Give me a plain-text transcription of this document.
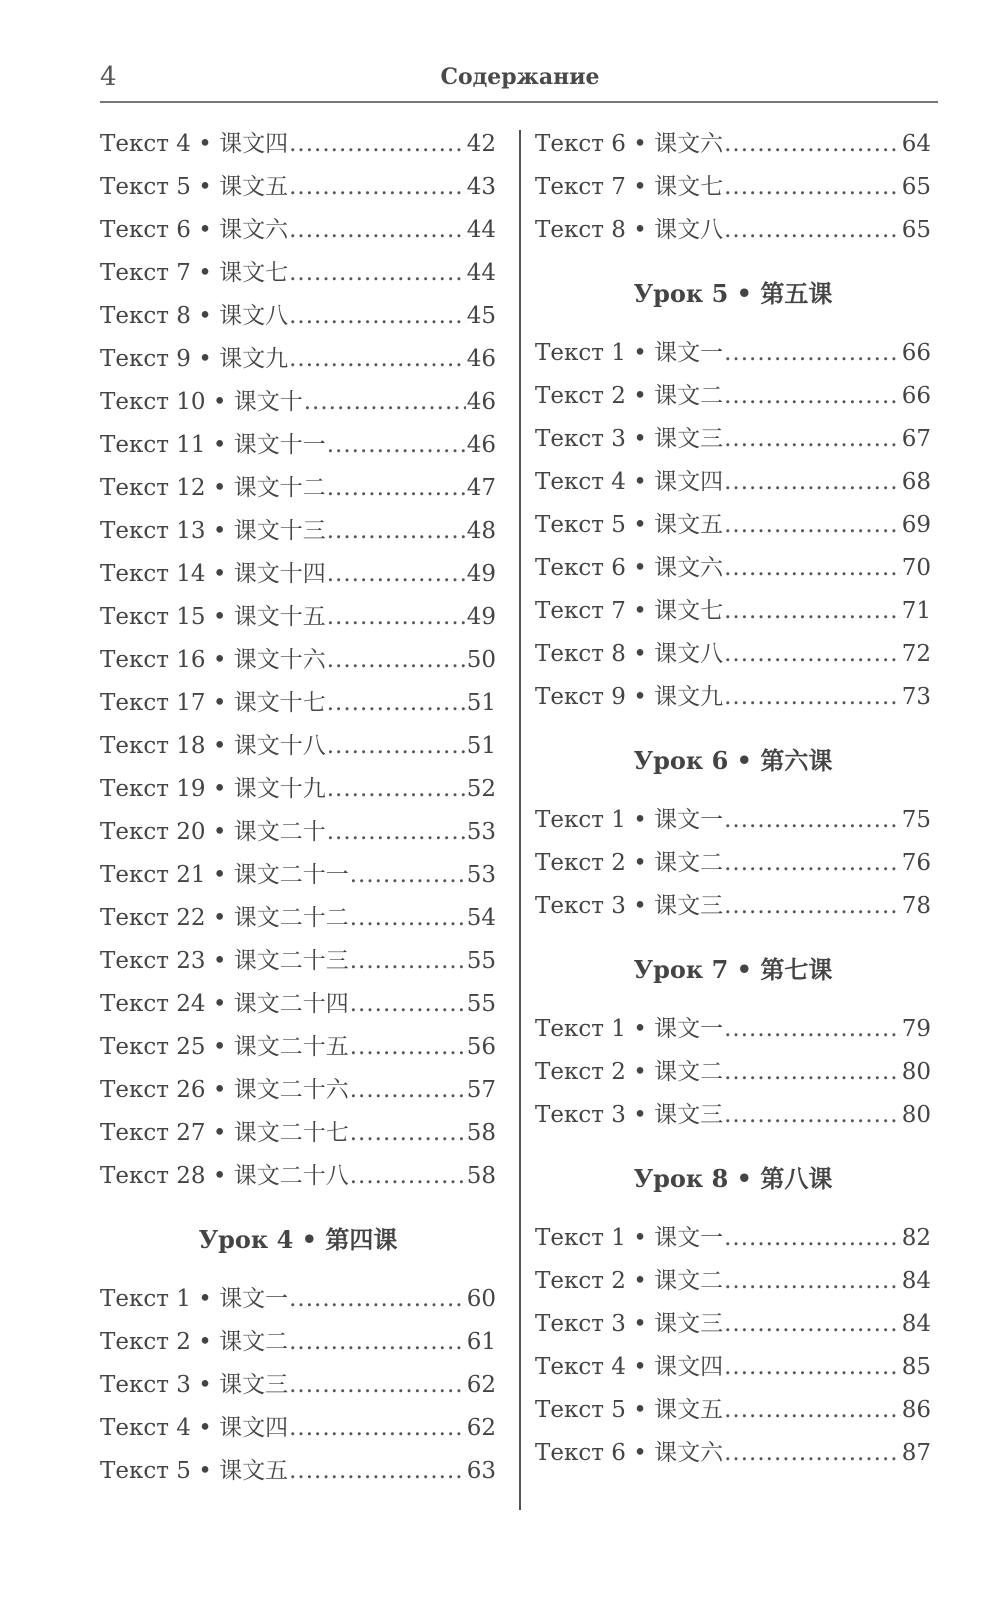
4	Содержание
Текст 4 • 课文四 .....	42
Текст 5 • 课文五 .....	43
Текст 6 • 课文六 .....	44
Текст 7 • 课文七 .....	44
Текст 8 • 课文八 .....	45
Текст 9 • 课文九 .....	46
Текст 10 • 课文十 .....	46
Текст 11 • 课文十一 .....	46
Текст 12 • 课文十二 .....	47
Текст 13 • 课文十三 .....	48
Текст 14 • 课文十四 .....	49
Текст 15 • 课文十五 .....	49
Текст 16 • 课文十六 .....	50
Текст 17 • 课文十七 .....	51
Текст 18 • 课文十八 .....	51
Текст 19 • 课文十九 .....	52
Текст 20 • 课文二十 .....	53
Текст 21 • 课文二十一 .....	53
Текст 22 • 课文二十二 .....	54
Текст 23 • 课文二十三 .....	55
Текст 24 • 课文二十四 .....	55
Текст 25 • 课文二十五 .....	56
Текст 26 • 课文二十六 .....	57
Текст 27 • 课文二十七 .....	58
Текст 28 • 课文二十八 .....	58
Урок 4 • 第四课
Текст 1 • 课文一 .....	60
Текст 2 • 课文二 .....	61
Текст 3 • 课文三 .....	62
Текст 4 • 课文四 .....	62
Текст 5 • 课文五 .....	63
Текст 6 • 课文六 .....	64
Текст 7 • 课文七 .....	65
Текст 8 • 课文八 .....	65
Урок 5 • 第五课
Текст 1 • 课文一 .....	66
Текст 2 • 课文二 .....	66
Текст 3 • 课文三 .....	67
Текст 4 • 课文四 .....	68
Текст 5 • 课文五 .....	69
Текст 6 • 课文六 .....	70
Текст 7 • 课文七 .....	71
Текст 8 • 课文八 .....	72
Текст 9 • 课文九 .....	73
Урок 6 • 第六课
Текст 1 • 课文一 .....	75
Текст 2 • 课文二 .....	76
Текст 3 • 课文三 .....	78
Урок 7 • 第七课
Текст 1 • 课文一 .....	79
Текст 2 • 课文二 .....	80
Текст 3 • 课文三 .....	80
Урок 8 • 第八课
Текст 1 • 课文一 .....	82
Текст 2 • 课文二 .....	84
Текст 3 • 课文三 .....	84
Текст 4 • 课文四 .....	85
Текст 5 • 课文五 .....	86
Текст 6 • 课文六 .....	87
